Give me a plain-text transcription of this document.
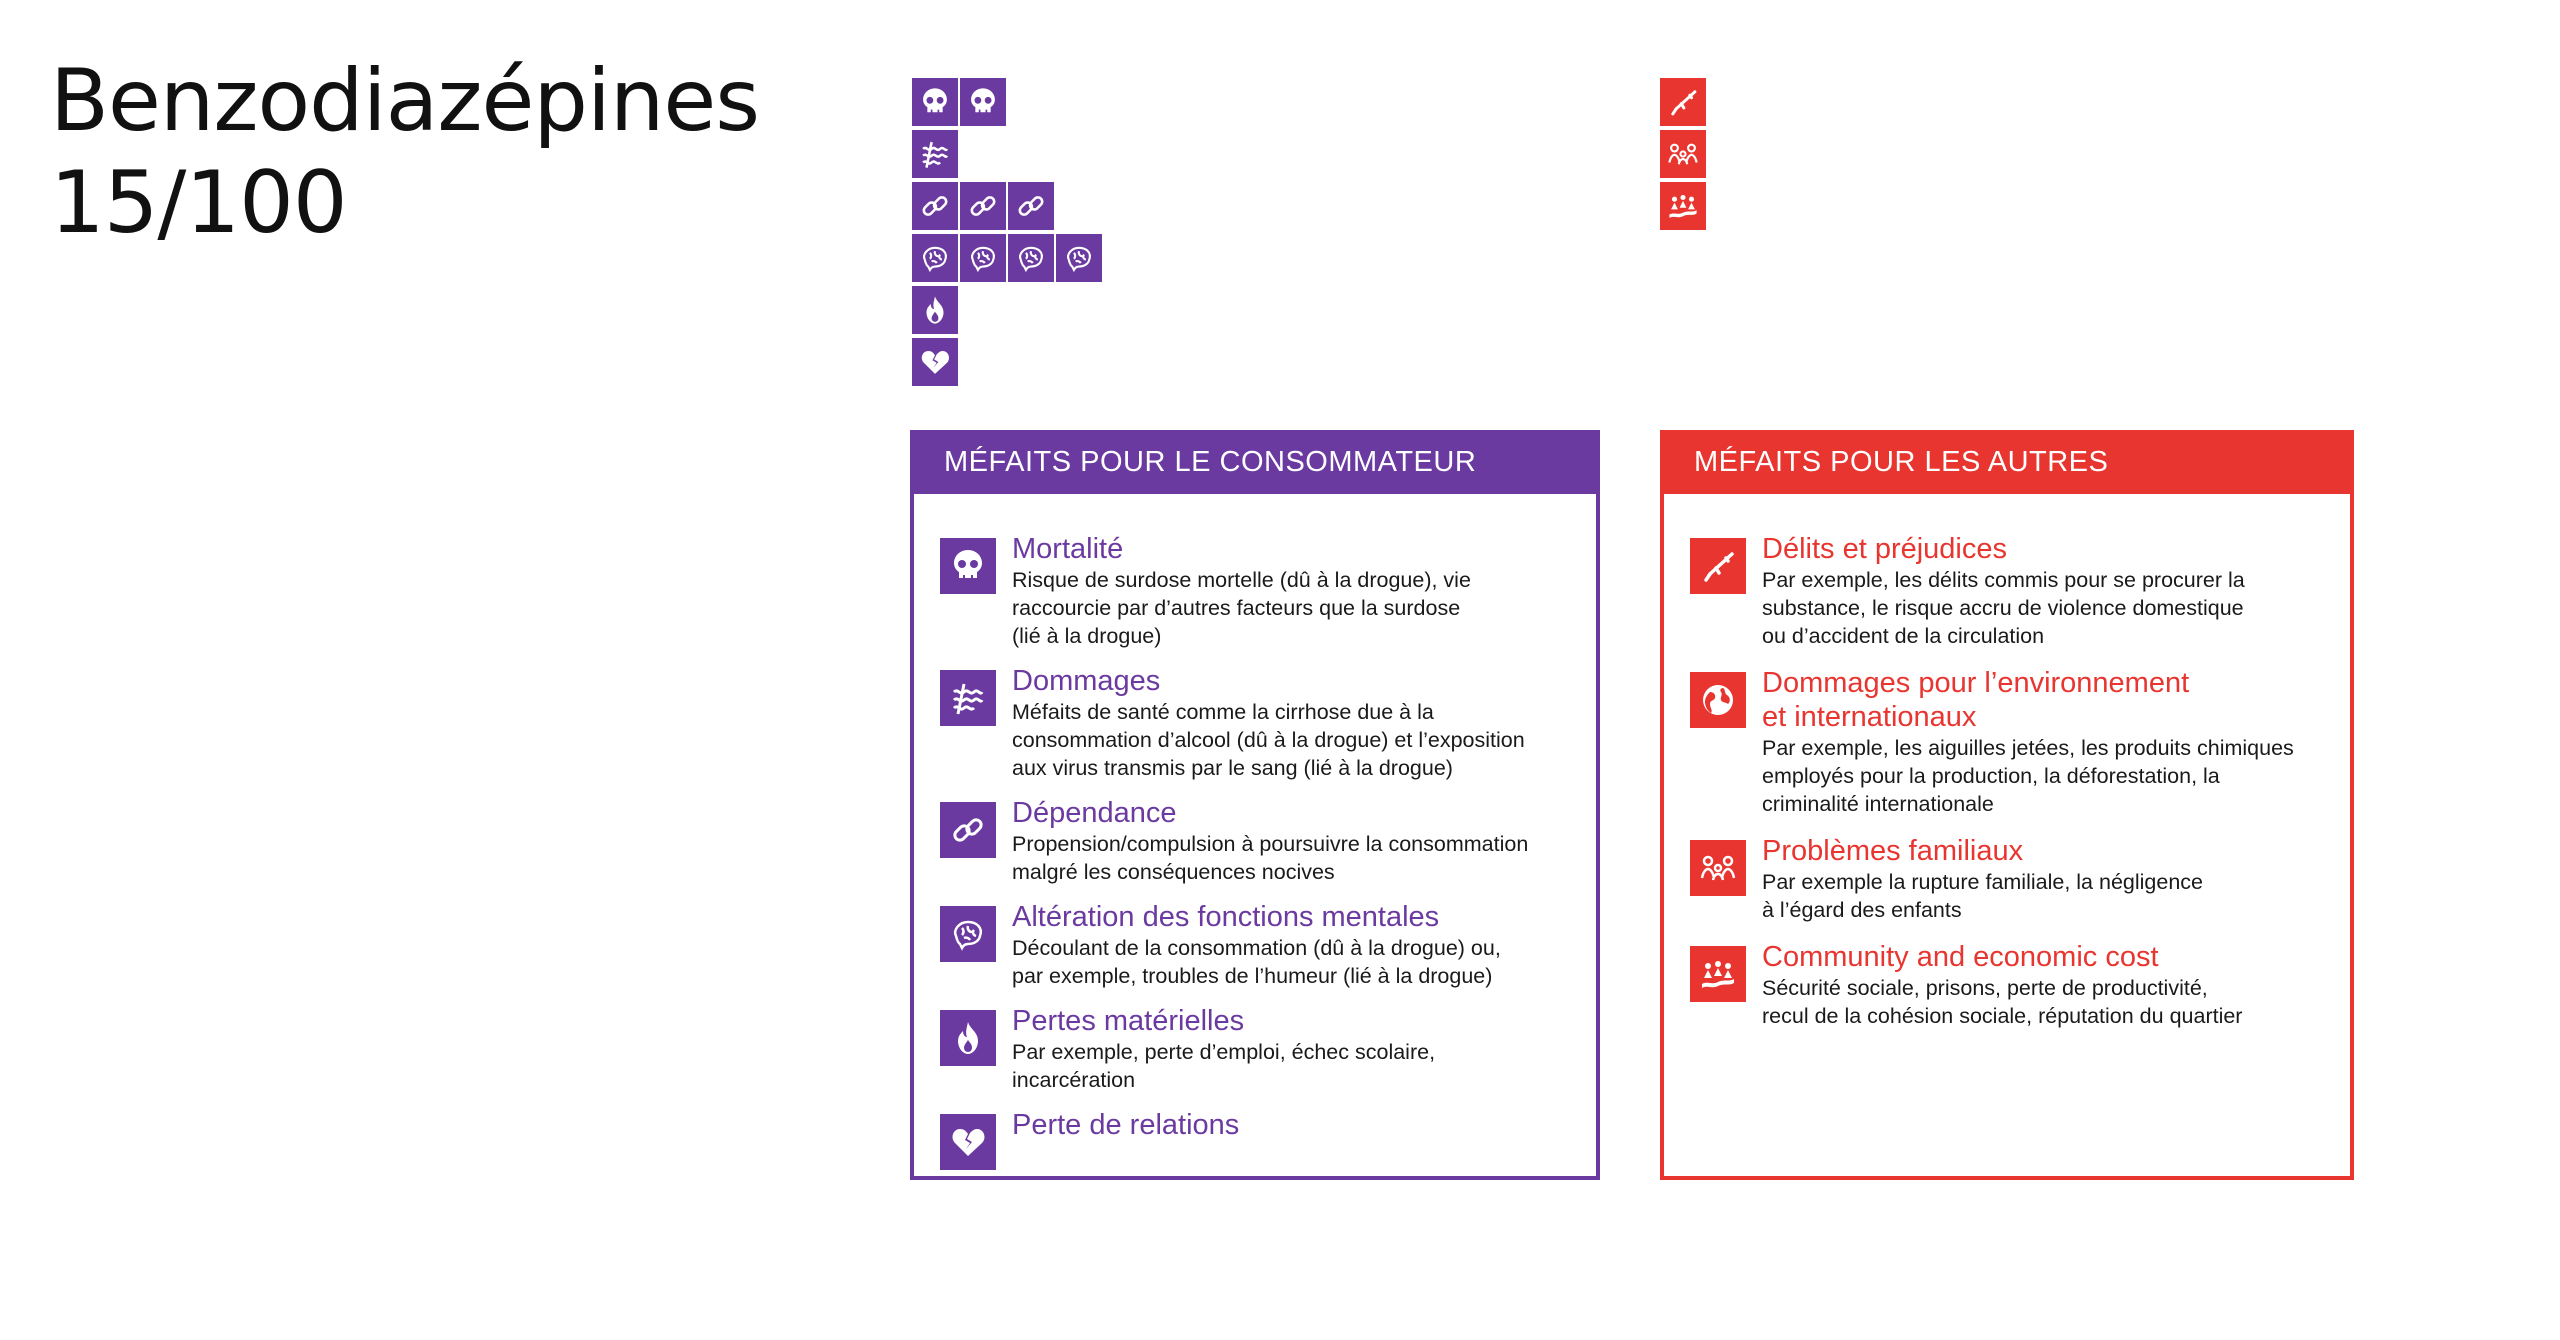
Benzodiazépines
15/100
MÉFAITS POUR LE CONSOMMATEUR
Mortalité
Risque de surdose mortelle (dû à la drogue), vie
raccourcie par d’autres facteurs que la surdose
(lié à la drogue)
Dommages
Méfaits de santé comme la cirrhose due à la
consommation d’alcool (dû à la drogue) et l’exposition
aux virus transmis par le sang (lié à la drogue)
Dépendance
Propension/compulsion à poursuivre la consommation
malgré les conséquences nocives
Altération des fonctions mentales
Découlant de la consommation (dû à la drogue) ou,
par exemple, troubles de l’humeur (lié à la drogue)
Pertes matérielles
Par exemple, perte d’emploi, échec scolaire,
incarcération
Perte de relations
MÉFAITS POUR LES AUTRES
Délits et préjudices
Par exemple, les délits commis pour se procurer la
substance, le risque accru de violence domestique
ou d’accident de la circulation
Dommages pour l’environnement
et internationaux
Par exemple, les aiguilles jetées, les produits chimiques
employés pour la production, la déforestation, la
criminalité internationale
Problèmes familiaux
Par exemple la rupture familiale, la négligence
à l’égard des enfants
Community and economic cost
Sécurité sociale, prisons, perte de productivité,
recul de la cohésion sociale, réputation du quartier
